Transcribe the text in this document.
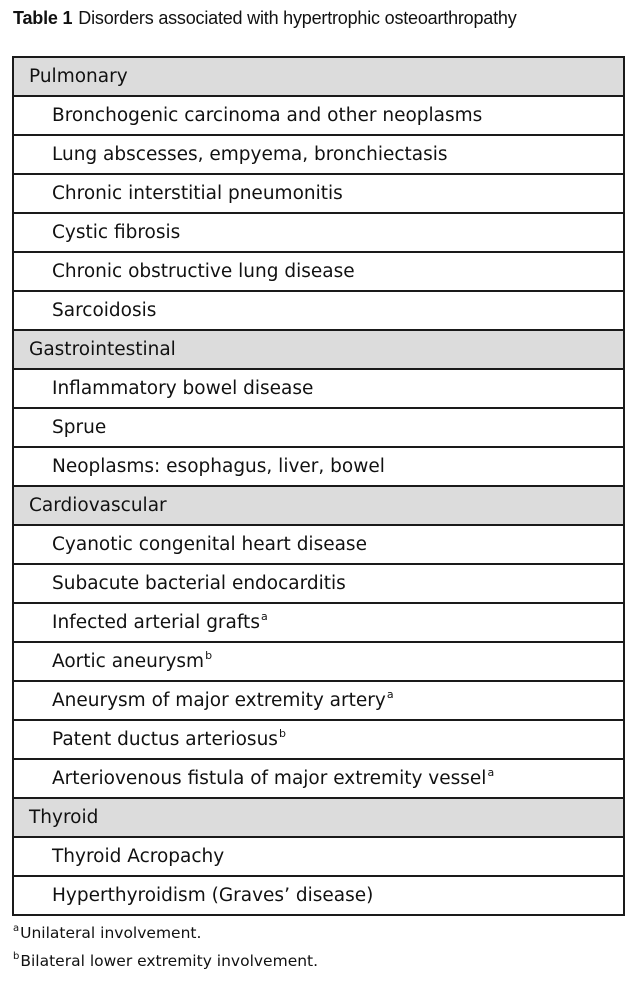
Table 1 Disorders associated with hypertrophic osteoarthropathy
Pulmonary
Bronchogenic carcinoma and other neoplasms
Lung abscesses, empyema, bronchiectasis
Chronic interstitial pneumonitis
Cystic fibrosis
Chronic obstructive lung disease
Sarcoidosis
Gastrointestinal
Inflammatory bowel disease
Sprue
Neoplasms: esophagus, liver, bowel
Cardiovascular
Cyanotic congenital heart disease
Subacute bacterial endocarditis
Infected arterial grafts$^a$
Aortic aneurysm$^b$
Aneurysm of major extremity artery$^a$
Patent ductus arteriosus$^b$
Arteriovenous fistula of major extremity vessel$^a$
Thyroid
Thyroid Acropachy
Hyperthyroidism (Graves’ disease)
$^a$Unilateral involvement.
$^b$Bilateral lower extremity involvement.
